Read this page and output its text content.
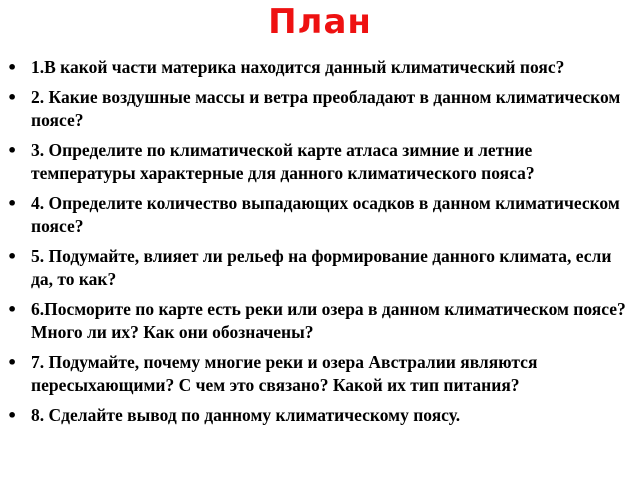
План
• 1.В какой части материка находится данный климатический пояс?
• 2. Какие воздушные массы и ветра преобладают в данном климатическом поясе?
• 3. Определите по климатической карте атласа зимние и летние температуры характерные для данного климатического пояса?
• 4. Определите количество выпадающих осадков в данном климатическом поясе?
• 5. Подумайте, влияет ли рельеф на формирование данного климата, если да, то как?
• 6.Посморите по карте есть реки или озера в данном климатическом поясе? Много ли их? Как они обозначены?
• 7. Подумайте, почему многие реки и озера Австралии являются пересыхающими? С чем это связано? Какой их тип питания?
• 8. Сделайте вывод по данному климатическому поясу.
